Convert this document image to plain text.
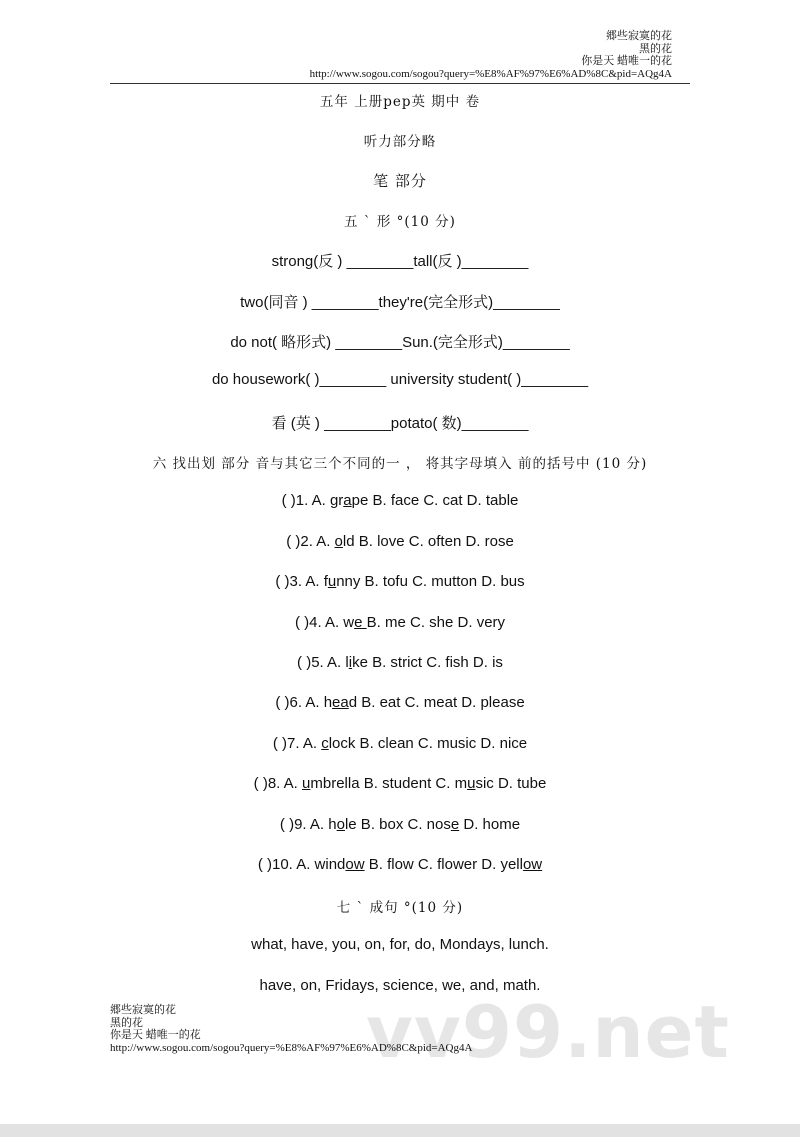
郷些寂寞的花
黑的花
你是天 蜡唯一的花
http://www.sogou.com/sogou?query=%E8%AF%97%E6%AD%8C&pid=AQg4A
五年 上册pep英 期中 卷
听力部分略
笔 部分
五 ` 形 °(10 分)
strong(反 ) ________tall(反 )________
two(同音 ) ________they're(完全形式)________
do not( 略形式) ________Sun.(完全形式)________
do housework( )________ university student( )________
看 (英 ) ________potato( 数)________
六 找出划 部分 音与其它三个不同的一 ， 将其字母填入 前的括号中 (10 分)
( )1. A. grape B. face C. cat D. table
( )2. A. old B. love C. often D. rose
( )3. A. funny B. tofu C. mutton D. bus
( )4. A. we B. me C. she D. very
( )5. A. like B. strict C. fish D. is
( )6. A. head B. eat C. meat D. please
( )7. A. clock B. clean C. music D. nice
( )8. A. umbrella B. student C. music D. tube
( )9. A. hole B. box C. nose D. home
( )10. A. window B. flow C. flower D. yellow
七 ` 成句 °(10 分)
what, have, you, on, for, do, Mondays, lunch.
have, on, Fridays, science, we, and, math.
vv99.net
郷些寂寞的花
黑的花
你是天 蜡唯一的花
http://www.sogou.com/sogou?query=%E8%AF%97%E6%AD%8C&pid=AQg4A
